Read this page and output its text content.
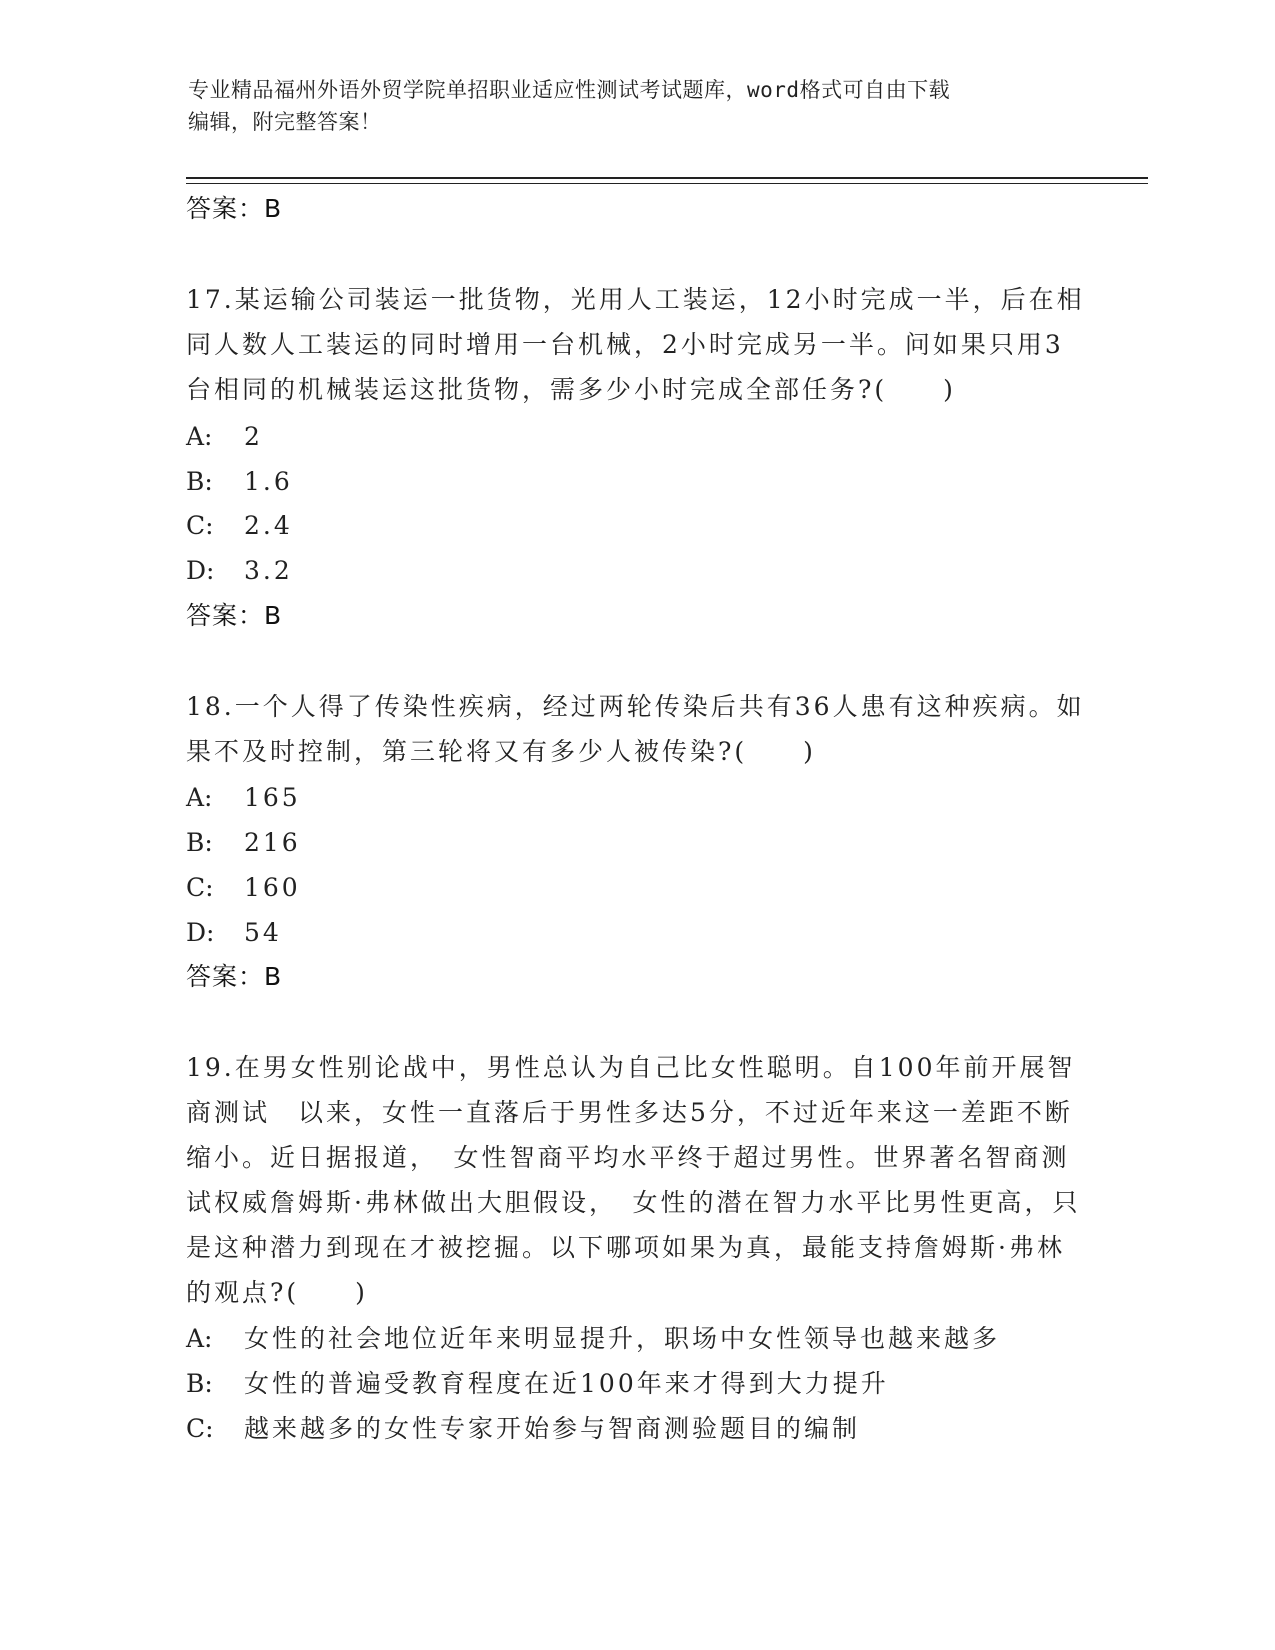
专业精品福州外语外贸学院单招职业适应性测试考试题库，word格式可自由下载
编辑，附完整答案！
答案：B
17.某运输公司装运一批货物，光用人工装运，12小时完成一半，后在相同人数人工装运的同时增用一台机械，2小时完成另一半。问如果只用3台相同的机械装运这批货物，需多少小时完成全部任务?(　　)
A: 2
B: 1.6
C: 2.4
D: 3.2
答案：B
18.一个人得了传染性疾病，经过两轮传染后共有36人患有这种疾病。如果不及时控制，第三轮将又有多少人被传染?(　　)
A: 165
B: 216
C: 160
D: 54
答案：B
19.在男女性别论战中，男性总认为自己比女性聪明。自100年前开展智商测试　以来，女性一直落后于男性多达5分，不过近年来这一差距不断缩小。近日据报道，　女性智商平均水平终于超过男性。世界著名智商测试权威詹姆斯·弗林做出大胆假设，　女性的潜在智力水平比男性更高，只是这种潜力到现在才被挖掘。以下哪项如果为真，最能支持詹姆斯·弗林的观点?(　　)
A: 女性的社会地位近年来明显提升，职场中女性领导也越来越多
B: 女性的普遍受教育程度在近100年来才得到大力提升
C: 越来越多的女性专家开始参与智商测验题目的编制
